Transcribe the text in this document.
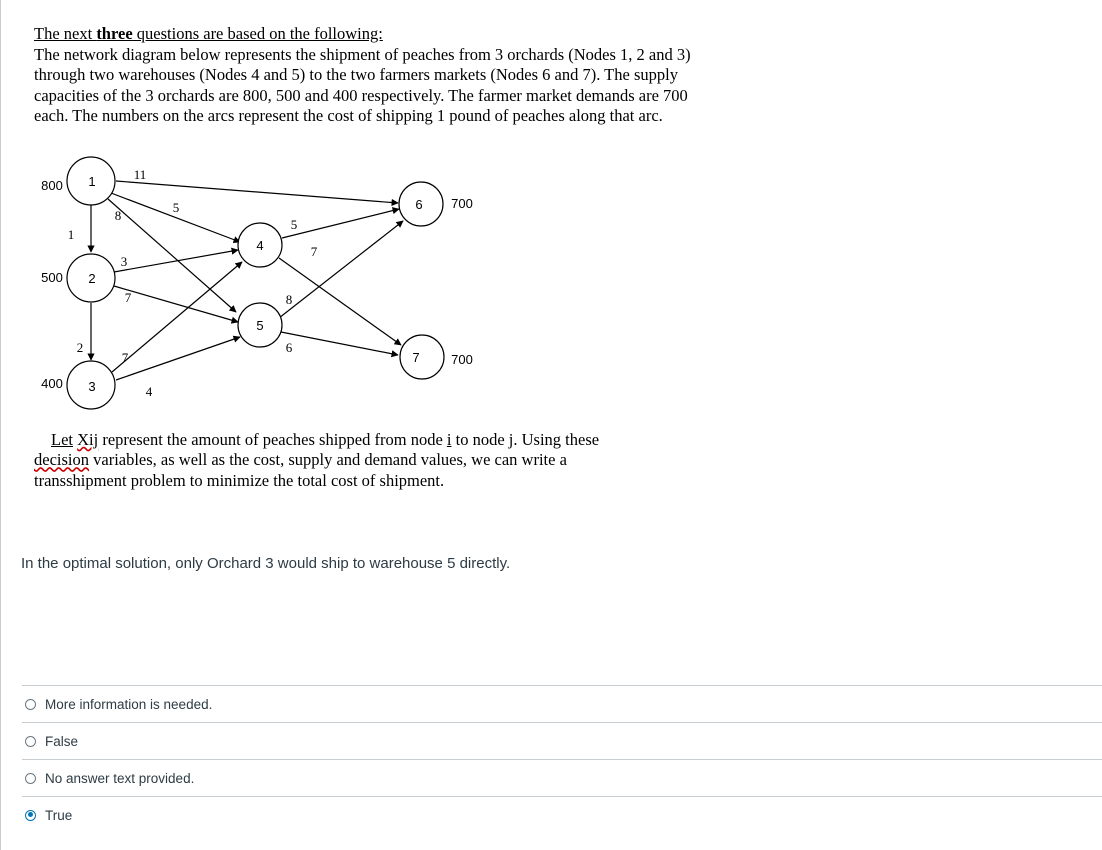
The next three questions are based on the following:
The network diagram below represents the shipment of peaches from 3 orchards (Nodes 1, 2 and 3) through two warehouses (Nodes 4 and 5) to the two farmers markets (Nodes 6 and 7). The supply capacities of the 3 orchards are 800, 500 and 400 respectively. The farmer market demands are 700 each. The numbers on the arcs represent the cost of shipping 1 pound of peaches along that arc.
1
2
3
4
5
6
7
800
500
400
700
700
11
5
8
1
3
7
2
7
4
5
7
8
6
Let Xij represent the amount of peaches shipped from node i to node j. Using these
decision variables, as well as the cost, supply and demand values, we can write a
transshipment problem to minimize the total cost of shipment.
In the optimal solution, only Orchard 3 would ship to warehouse 5 directly.
More information is needed.
False
No answer text provided.
True
